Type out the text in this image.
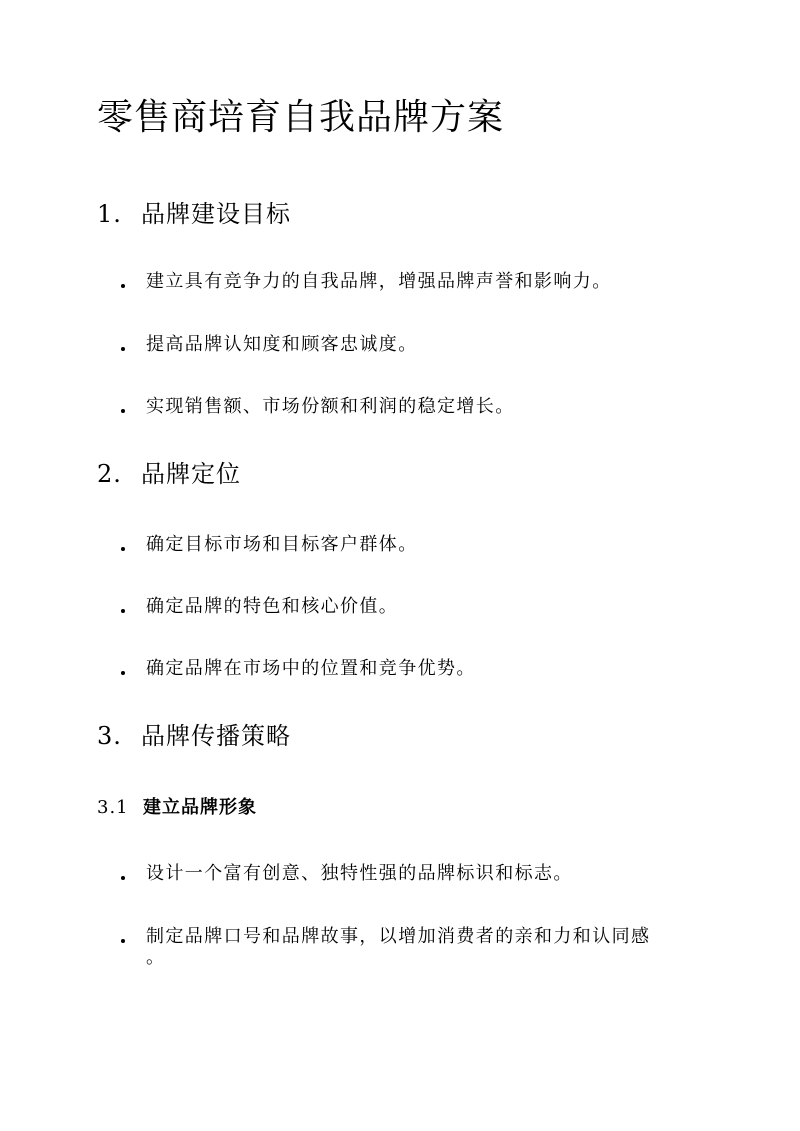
零售商培育自我品牌方案
1. 品牌建设目标
建立具有竞争力的自我品牌，增强品牌声誉和影响力。
提高品牌认知度和顾客忠诚度。
实现销售额、市场份额和利润的稳定增长。
2. 品牌定位
确定目标市场和目标客户群体。
确定品牌的特色和核心价值。
确定品牌在市场中的位置和竞争优势。
3. 品牌传播策略
3.1 建立品牌形象
设计一个富有创意、独特性强的品牌标识和标志。
制定品牌口号和品牌故事，以增加消费者的亲和力和认同感
。
